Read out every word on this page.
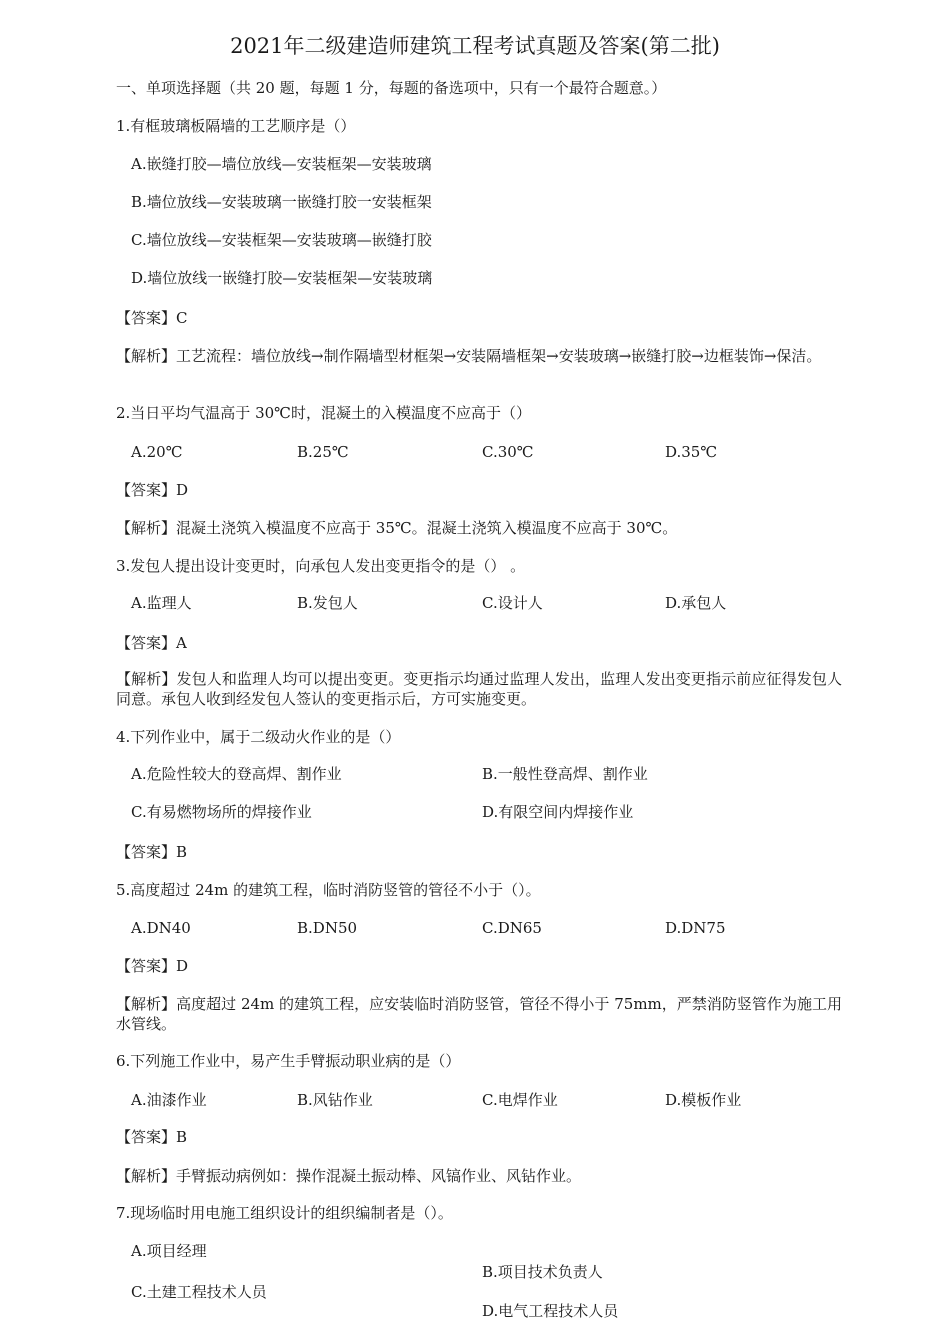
2021年二级建造师建筑工程考试真题及答案(第二批)
一、单项选择题（共 20 题，每题 1 分，每题的备选项中，只有一个最符合题意。）
1.有框玻璃板隔墙的工艺顺序是（）
A.嵌缝打胶—墙位放线—安装框架—安装玻璃
B.墙位放线—安装玻璃一嵌缝打胶一安装框架
C.墙位放线—安装框架—安装玻璃—嵌缝打胶
D.墙位放线一嵌缝打胶—安装框架—安装玻璃
【答案】C
【解析】工艺流程：墙位放线→制作隔墙型材框架→安装隔墙框架→安装玻璃→嵌缝打胶→边框装饰→保洁。
2.当日平均气温高于 30℃时，混凝土的入模温度不应高于（）
A.20℃	B.25℃	C.30℃	D.35℃
【答案】D
【解析】混凝土浇筑入模温度不应高于 35℃。混凝土浇筑入模温度不应高于 30℃。
3.发包人提出设计变更时，向承包人发出变更指令的是（） 。
A.监理人	B.发包人	C.设计人	D.承包人
【答案】A
【解析】发包人和监理人均可以提出变更。变更指示均通过监理人发出，监理人发出变更指示前应征得发包人同意。承包人收到经发包人签认的变更指示后，方可实施变更。
4.下列作业中，属于二级动火作业的是（）
A.危险性较大的登高焊、割作业	B.一般性登高焊、割作业
C.有易燃物场所的焊接作业	D.有限空间内焊接作业
【答案】B
5.高度超过 24m 的建筑工程，临时消防竖管的管径不小于（）。
A.DN40	B.DN50	C.DN65	D.DN75
【答案】D
【解析】高度超过 24m 的建筑工程，应安装临时消防竖管，管径不得小于 75mm，严禁消防竖管作为施工用水管线。
6.下列施工作业中，易产生手臂振动职业病的是（）
A.油漆作业	B.风钻作业	C.电焊作业	D.模板作业
【答案】B
【解析】手臂振动病例如：操作混凝土振动棒、风镐作业、风钻作业。
7.现场临时用电施工组织设计的组织编制者是（）。
A.项目经理
B.项目技术负责人
C.土建工程技术人员
D.电气工程技术人员
